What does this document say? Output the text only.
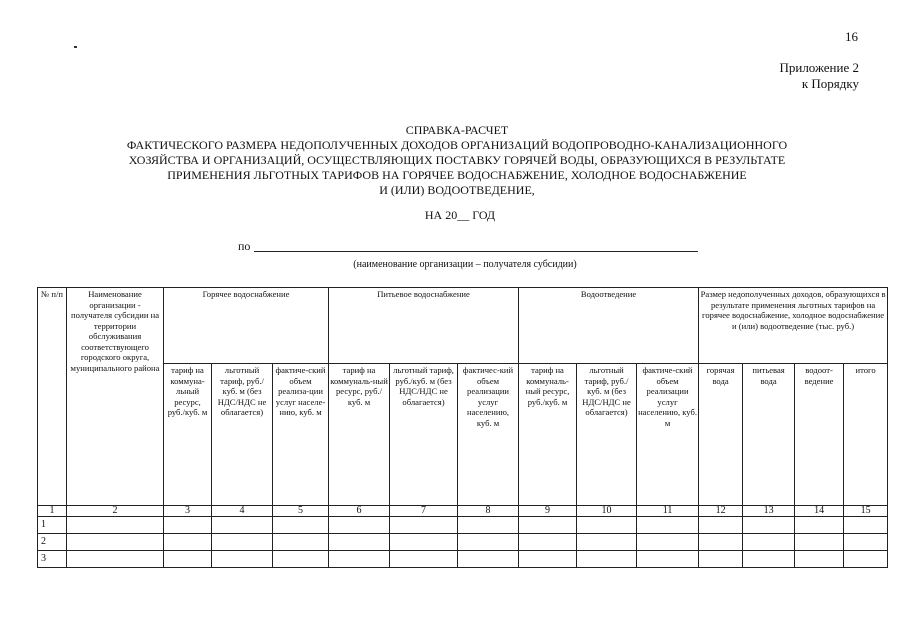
16
Приложение 2
к Порядку
СПРАВКА-РАСЧЕТ
ФАКТИЧЕСКОГО РАЗМЕРА НЕДОПОЛУЧЕННЫХ ДОХОДОВ ОРГАНИЗАЦИЙ ВОДОПРОВОДНО-КАНАЛИЗАЦИОННОГО
ХОЗЯЙСТВА И ОРГАНИЗАЦИЙ, ОСУЩЕСТВЛЯЮЩИХ ПОСТАВКУ ГОРЯЧЕЙ ВОДЫ, ОБРАЗУЮЩИХСЯ В РЕЗУЛЬТАТЕ
ПРИМЕНЕНИЯ ЛЬГОТНЫХ ТАРИФОВ НА ГОРЯЧЕЕ ВОДОСНАБЖЕНИЕ, ХОЛОДНОЕ ВОДОСНАБЖЕНИЕ
И (ИЛИ) ВОДООТВЕДЕНИЕ,
НА 20__ ГОД
по
(наименование организации – получателя субсидии)
№ п/п	Наименование организации - получателя субсидии на территории обслуживания соответствующего городского округа, муниципального района	Горячее водоснабжение			Питьевое водоснабжение			Водоотведение			Размер недополученных доходов, образующихся в результате применения льготных тарифов на горячее водоснабжение, холодное водоснабжение и (или) водоотведение (тыс. руб.)			
		тариф на коммуна-льный ресурс, руб./куб. м	льготный тариф, руб./куб. м (без НДС/НДС не облагается)	фактиче-ский объем реализа-ции услуг населе-нию, куб. м	тариф на коммуналь-ный ресурс, руб./куб. м	льготный тариф, руб./куб. м (без НДС/НДС не облагается)	фактичес-кий объем реализации услуг населению, куб. м	тариф на коммуналь-ный ресурс, руб./куб. м	льготный тариф, руб./куб. м (без НДС/НДС не облагается)	фактиче-ский объем реализации услуг населению, куб. м	горячая вода	питьевая вода	водоот-ведение	итого
1	2	3	4	5	6	7	8	9	10	11	12	13	14	15
1														
2														
3														
